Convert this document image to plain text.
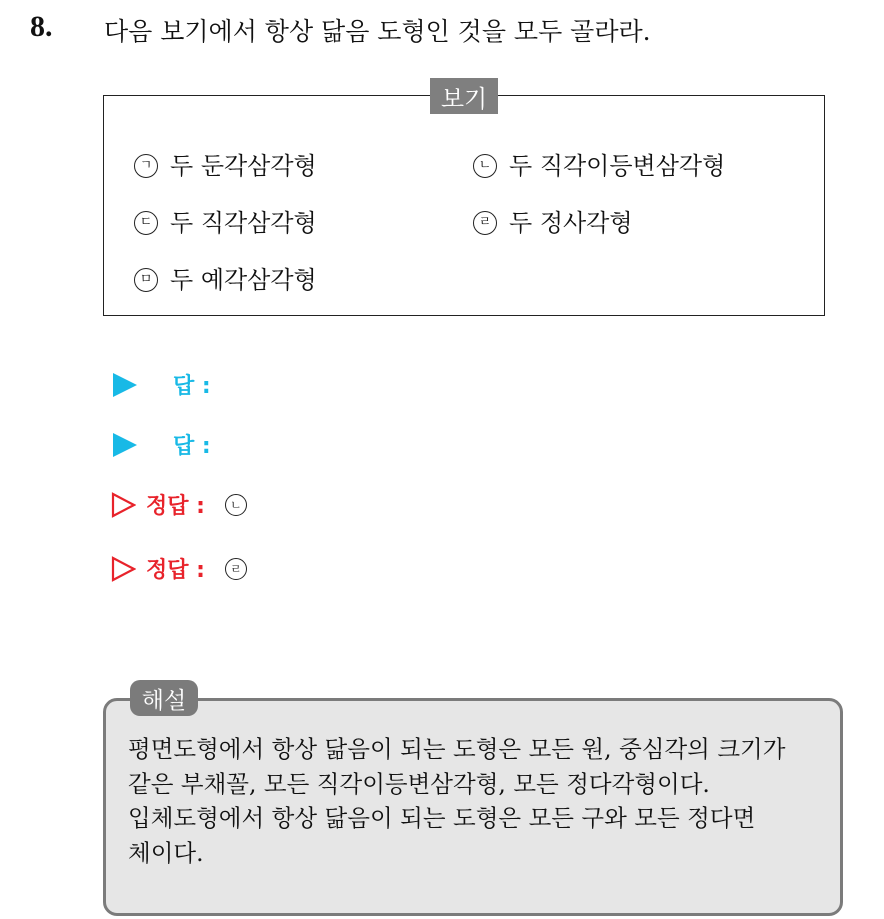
8. 다음 보기에서 항상 닮음 도형인 것을 모두 골라라.
보기
ㄱ 두 둔각삼각형	ㄴ 두 직각이등변삼각형
ㄷ 두 직각삼각형	ㄹ 두 정사각형
ㅁ 두 예각삼각형
답 :
답 :
정답 :	ㄴ
정답 :	ㄹ
해설
평면도형에서 항상 닮음이 되는 도형은 모든 원, 중심각의 크기가
같은 부채꼴, 모든 직각이등변삼각형, 모든 정다각형이다.
입체도형에서 항상 닮음이 되는 도형은 모든 구와 모든 정다면
체이다.
